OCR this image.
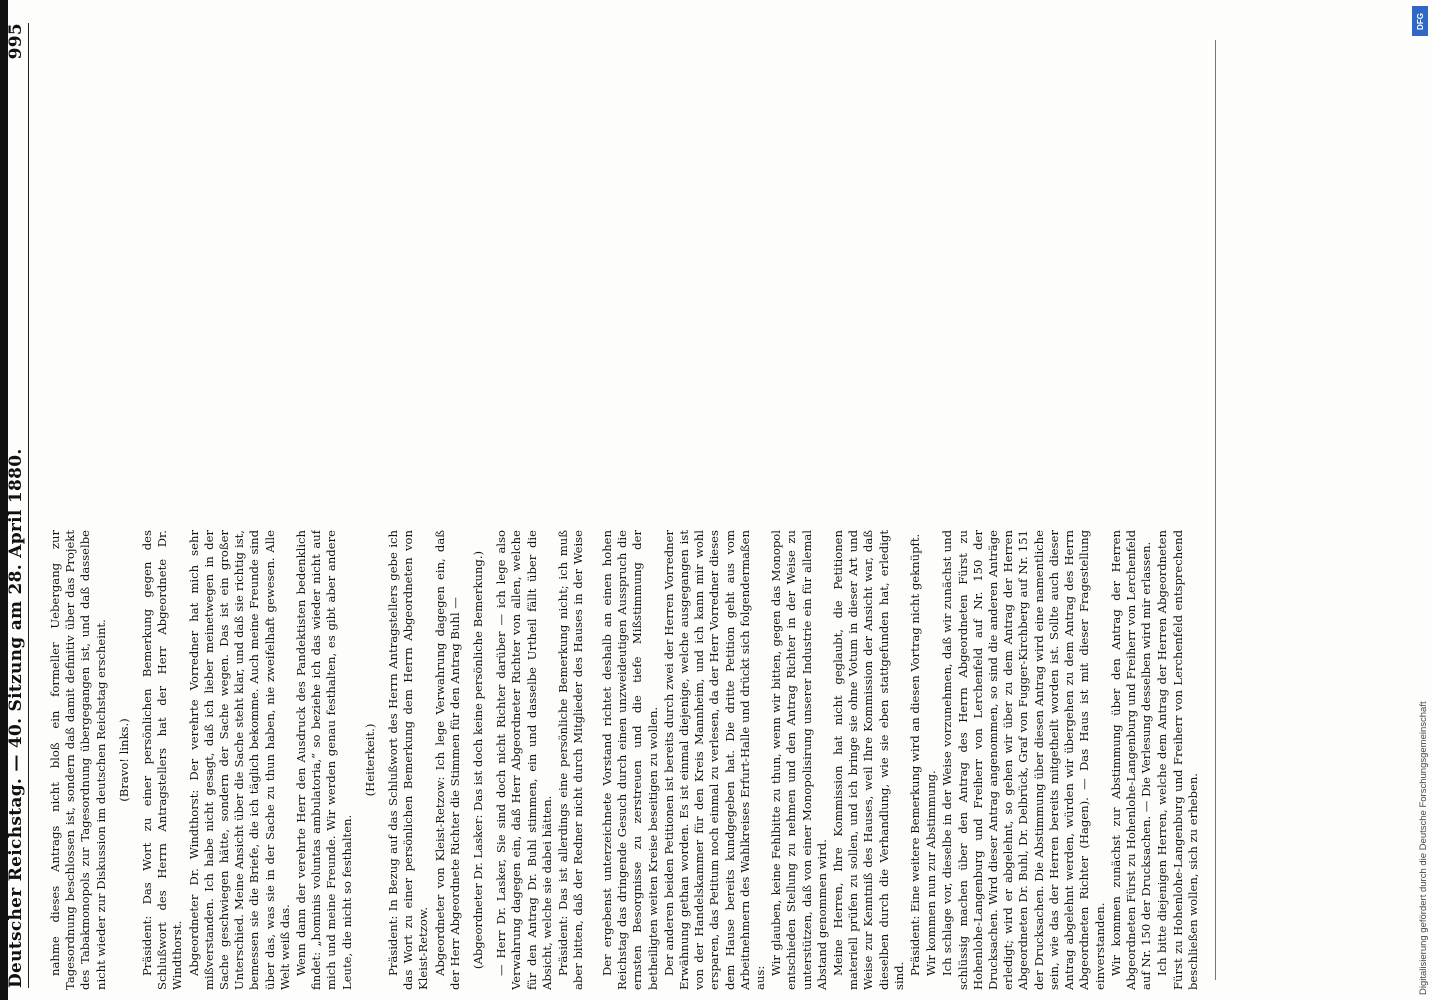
Deutscher Reichstag. — 40. Sitzung am 28. April 1880.
995

nahme dieses Antrags nicht bloß ein formeller Uebergang zur Tagesordnung beschlossen ist, sondern daß damit definitiv über das Projekt des Tabakmonopols zur Tagesordnung übergegangen ist, und daß dasselbe nicht wieder zur Diskussion im deutschen Reichstag erscheint. (Bravo! links.) Präsident: Das Wort zu einer persönlichen Bemerkung gegen des Schlußwort des Herrn Antragstellers hat der Herr Abgeordnete Dr. Windthorst. Abgeordneter Dr. Windthorst: Der verehrte Vorredner hat mich sehr mißverstanden. Ich habe nicht gesagt, daß ich lieber meinetwegen in der Sache geschwiegen hätte, sondern der Sache wegen. Das ist ein großer Unterschied. Meine Ansicht über die Sache steht klar, und daß sie richtig ist, bemessen sie die Briefe, die ich täglich bekomme. Auch meine Freunde sind über das, was sie in der Sache zu thun haben, nie zweifelhaft gewesen. Alle Welt weiß das. Wenn dann der verehrte Herr den Ausdruck des Pandektisten bedenklich findet: „hominis voluntas ambulatoria,“ so beziehe ich das wieder nicht auf mich und meine Freunde. Wir werden genau festhalten, es gibt aber andere Leute, die nicht so festhalten.

(Heiterkeit.) Präsident: In Bezug auf das Schlußwort des Herrn Antragstellers gebe ich das Wort zu einer persönlichen Bemerkung dem Herrn Abgeordneten von Kleist-Retzow. Abgeordneter von Kleist-Retzow: Ich lege Verwahrung dagegen ein, daß der Herr Abgeordnete Richter die Stimmen für den Antrag Buhl — (Abgeordneter Dr. Lasker: Das ist doch keine persönliche Bemerkung.) — Herr Dr. Lasker, Sie sind doch nicht Richter darüber — ich lege also Verwahrung dagegen ein, daß Herr Abgeordneter Richter von allen, welche für den Antrag Dr. Buhl stimmen, ein und dasselbe Urtheil fällt über die Absicht, welche sie dabei hätten. Präsident: Das ist allerdings eine persönliche Bemerkung nicht; ich muß aber bitten, daß der Redner nicht durch Mitglieder des Hauses in der Weise	Der ergebenst unterzeichnete Vorstand richtet deshalb an einen hohen Reichstag das dringende Gesuch durch einen unzweideutigen Ausspruch die ernsten Besorgnisse zu zerstreuen und die tiefe Mißstimmung der betheiligten weiten Kreise beseitigen zu wollen. Der anderen beiden Petitionen ist bereits durch zwei der Herren Vorredner Erwähnung gethan worden. Es ist einmal diejenige, welche ausgegangen ist von der Handelskammer für den Kreis Mannheim, und ich kann mir wohl ersparen, das Petitum noch einmal zu verlesen, da der Herr Vorredner dieses dem Hause bereits kundgegeben hat. Die dritte Petition geht aus vom Arbeitnehmern des Wahlkreises Erfurt-Halle und drückt sich folgendermaßen aus:

Wir glauben, keine Fehlbitte zu thun, wenn wir bitten, gegen das Monopol entschieden Stellung zu nehmen und den Antrag Richter in der Weise zu unterstützen, daß von einer Monopolisirung unserer Industrie ein für allemal Abstand genommen wird. Meine Herren, Ihre Kommission hat nicht geglaubt, die Petitionen materiell prüfen zu sollen, und ich bringe sie ohne Votum in dieser Art und Weise zur Kenntniß des Hauses, weil Ihre Kommission der Ansicht war, daß dieselben durch die Verhandlung, wie sie eben stattgefunden hat, erledigt sind. Präsident: Eine weitere Bemerkung wird an diesen Vortrag nicht geknüpft. Wir kommen nun zur Abstimmung. Ich schlage vor, dieselbe in der Weise vorzunehmen, daß wir zunächst und schlüssig machen über den Antrag des Herrn Abgeordneten Fürst zu Hohenlohe-Langenburg und Freiherr von Lerchenfeld auf Nr. 150 der Drucksachen. Wird dieser Antrag angenommen, so sind die anderen Anträge erledigt; wird er abgelehnt, so gehen wir über zu dem Antrag der Herren Abgeordneten Dr. Buhl, Dr. Delbrück, Graf von Fugger-Kirchberg auf Nr. 151 der Drucksachen. Die Abstimmung über diesen Antrag wird eine namentliche sein, wie das der Herren bereits mitgetheilt worden ist. Sollte auch dieser Antrag abgelehnt werden, würden wir übergehen zu dem Antrag des Herrn Abgeordneten Richter (Hagen). — Das Haus ist mit dieser Fragestellung einverstanden. Wir kommen zunächst zur Abstimmung über den Antrag der Herren Abgeordneten Fürst zu Hohenlohe-Langenburg und Freiherr von Lerchenfeld auf Nr. 150 der Drucksachen. — Die Verlesung desselben wird mir erlassen. Ich bitte diejenigen Herren, welche dem Antrag der Herren Abgeordneten Fürst zu Hohenlohe-Langenburg und Freiherr von Lerchenfeld entsprechend beschließen wollen, sich zu erheben.	Digitalisierung gefördert durch die Deutsche Forschungsgemeinschaft
DFG
